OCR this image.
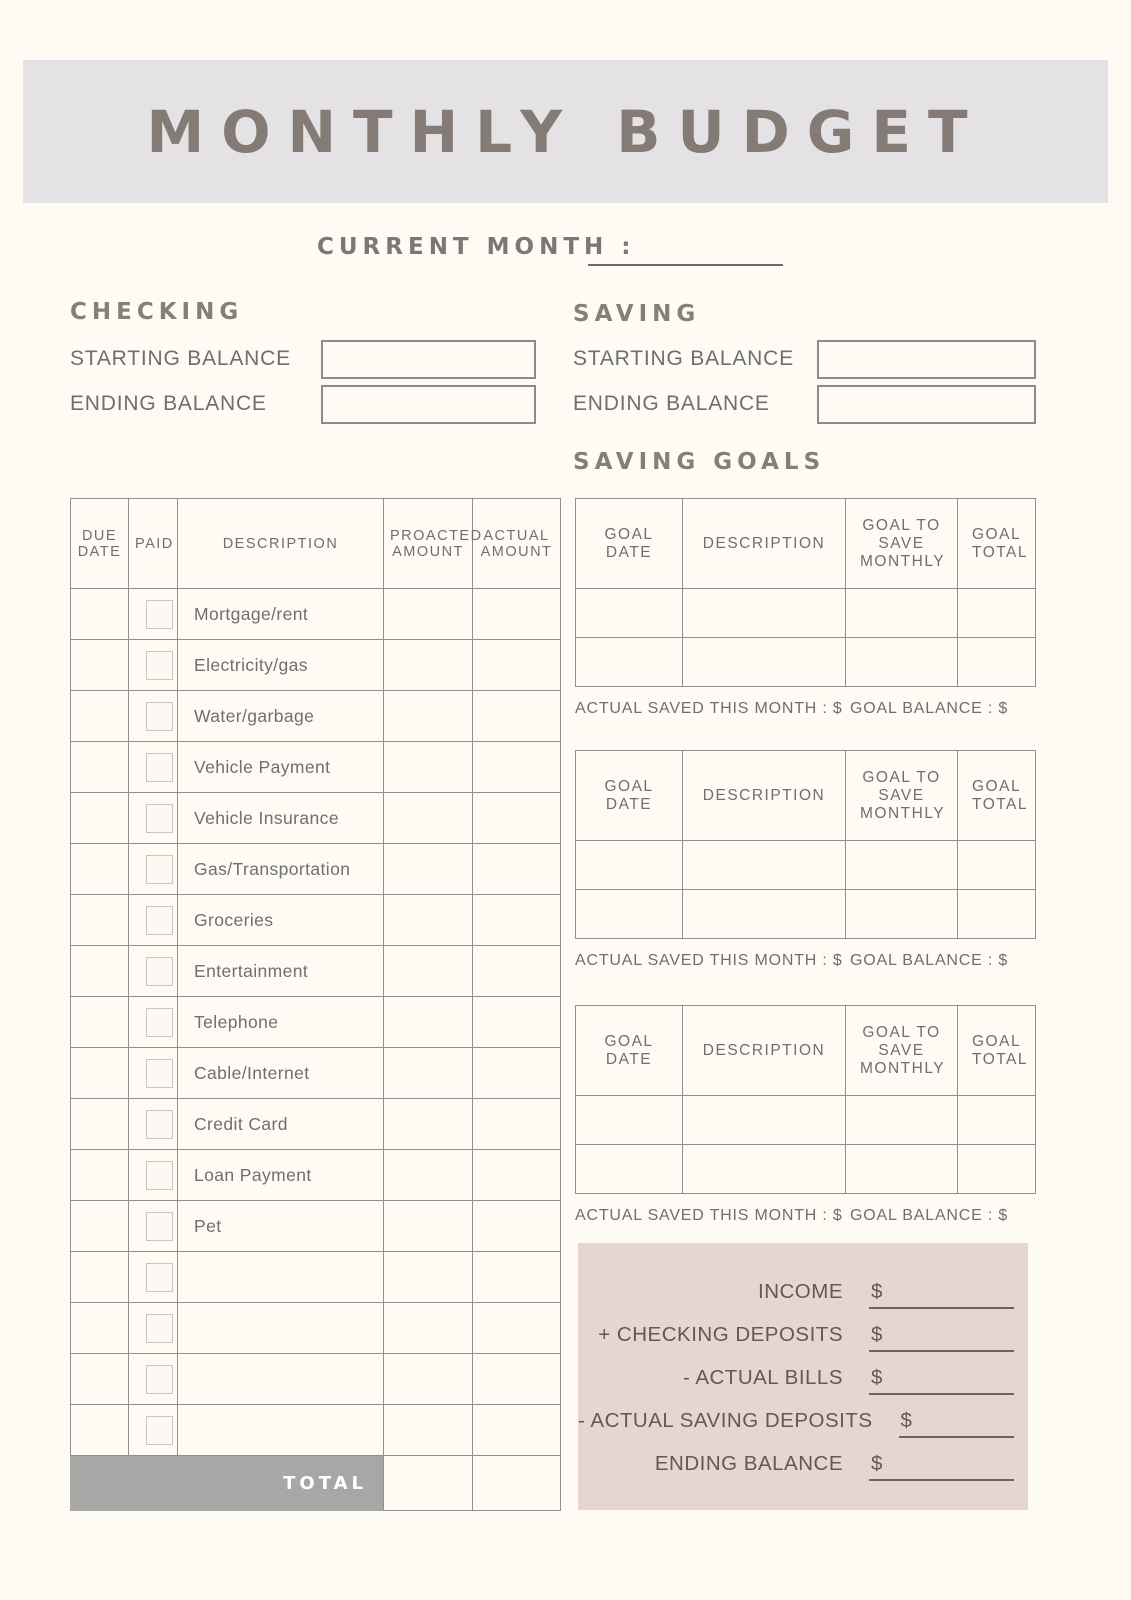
MONTHLY BUDGET
CURRENT MONTH :
CHECKING
STARTING BALANCE
ENDING BALANCE
SAVING
STARTING BALANCE
ENDING BALANCE
SAVING GOALS
DUE DATE	PAID	DESCRIPTION	PROACTED AMOUNT	ACTUAL AMOUNT

	Mortgage/rent		

	Electricity/gas		

	Water/garbage		

	Vehicle Payment		

	Vehicle Insurance		

	Gas/Transportation		

	Groceries		

	Entertainment		

	Telephone		

	Cable/Internet		

	Credit Card		

	Loan Payment		

	Pet		

TOTAL				
GOAL DATE	DESCRIPTION	GOAL TO SAVE MONTHLY	GOAL TOTAL

ACTUAL SAVED THIS MONTH : $ GOAL BALANCE : $
GOAL DATE	DESCRIPTION	GOAL TO SAVE MONTHLY	GOAL TOTAL

ACTUAL SAVED THIS MONTH : $ GOAL BALANCE : $
GOAL DATE	DESCRIPTION	GOAL TO SAVE MONTHLY	GOAL TOTAL

ACTUAL SAVED THIS MONTH : $ GOAL BALANCE : $
INCOME $
+ CHECKING DEPOSITS $
- ACTUAL BILLS $
- ACTUAL SAVING DEPOSITS $
ENDING BALANCE $
